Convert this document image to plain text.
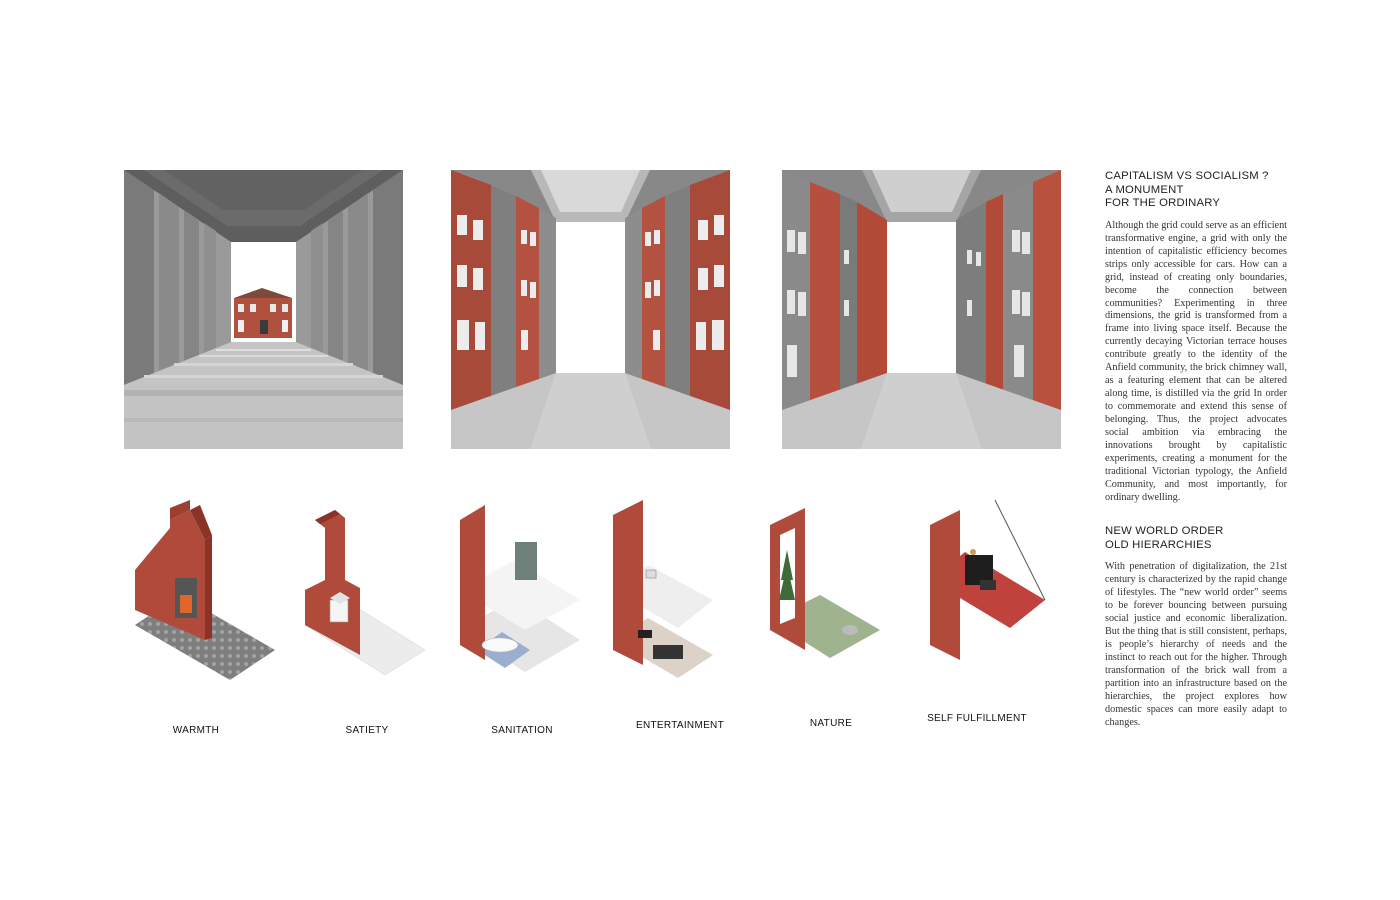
WARMTH	SATIETY	SANITATION	ENTERTAINMENT	NATURE	SELF FULFILLMENT
CAPITALISM VS SOCIALISM ?
A MONUMENT
FOR THE ORDINARY

Although the grid could serve as an efficient transformative engine, a grid with only the intention of capitalistic efficiency becomes strips only accessible for cars. How can a grid, instead of creating only boundaries, become the connection between communities? Experimenting in three dimensions, the grid is transformed from a frame into living space itself. Because the currently decaying Victorian terrace houses contribute greatly to the identity of the Anfield community, the brick chimney wall, as a featuring element that can be altered along time, is distilled via the grid In order to commemorate and extend this sense of belonging. Thus, the project advocates social ambition via embracing the innovations brought by capitalistic experiments, creating a monument for the traditional Victorian typology, the Anfield Community, and most importantly, for ordinary dwelling.

NEW WORLD ORDER
OLD HIERARCHIES

With penetration of digitalization, the 21st century is characterized by the rapid change of lifestyles. The “new world order” seems to be forever bouncing between pursuing social justice and economic liberalization. But the thing that is still consistent, perhaps, is people’s hierarchy of needs and the instinct to reach out for the higher. Through transformation of the brick wall from a partition into an infrastructure based on the hierarchies, the project explores how domestic spaces can more easily adapt to changes.
